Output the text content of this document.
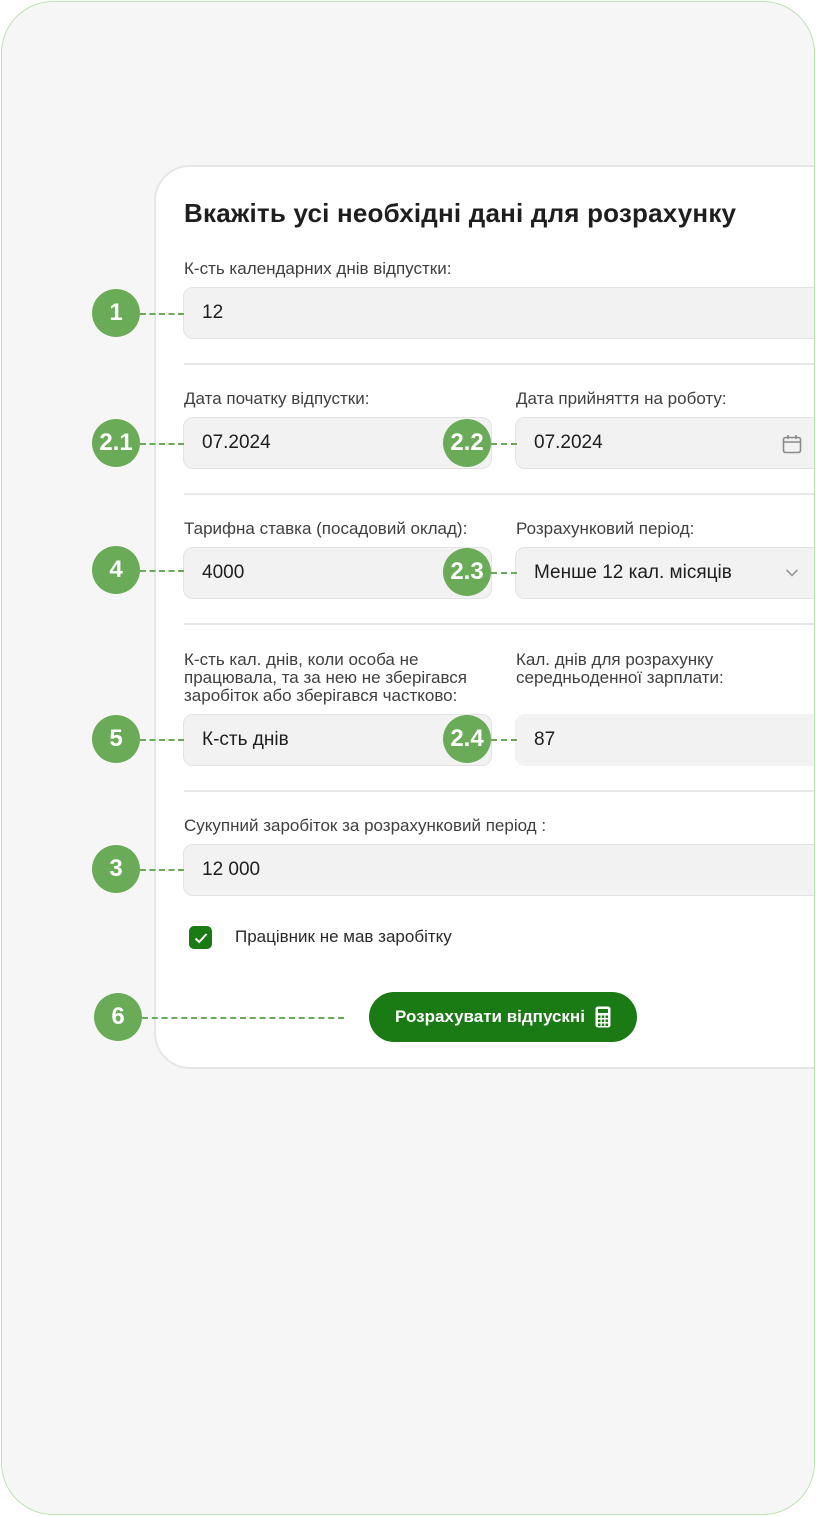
Вкажіть усі необхідні дані для розрахунку
К-сть календарних днів відпустки:
12
Дата початку відпустки:
07.2024
Дата прийняття на роботу:
07.2024
Тарифна ставка (посадовий оклад):
4000
Розрахунковий період:
Менше 12 кал. місяців
К-сть кал. днів, коли особа не
працювала, та за нею не зберігався
заробіток або зберігався частково:
К-сть днів
Кал. днів для розрахунку
середньоденної зарплати:
87
Сукупний заробіток за розрахунковий період :
12 000
Працівник не мав заробітку
Розрахувати відпускні
1
2.1	2.2
4	2.3
5	2.4
3
6
